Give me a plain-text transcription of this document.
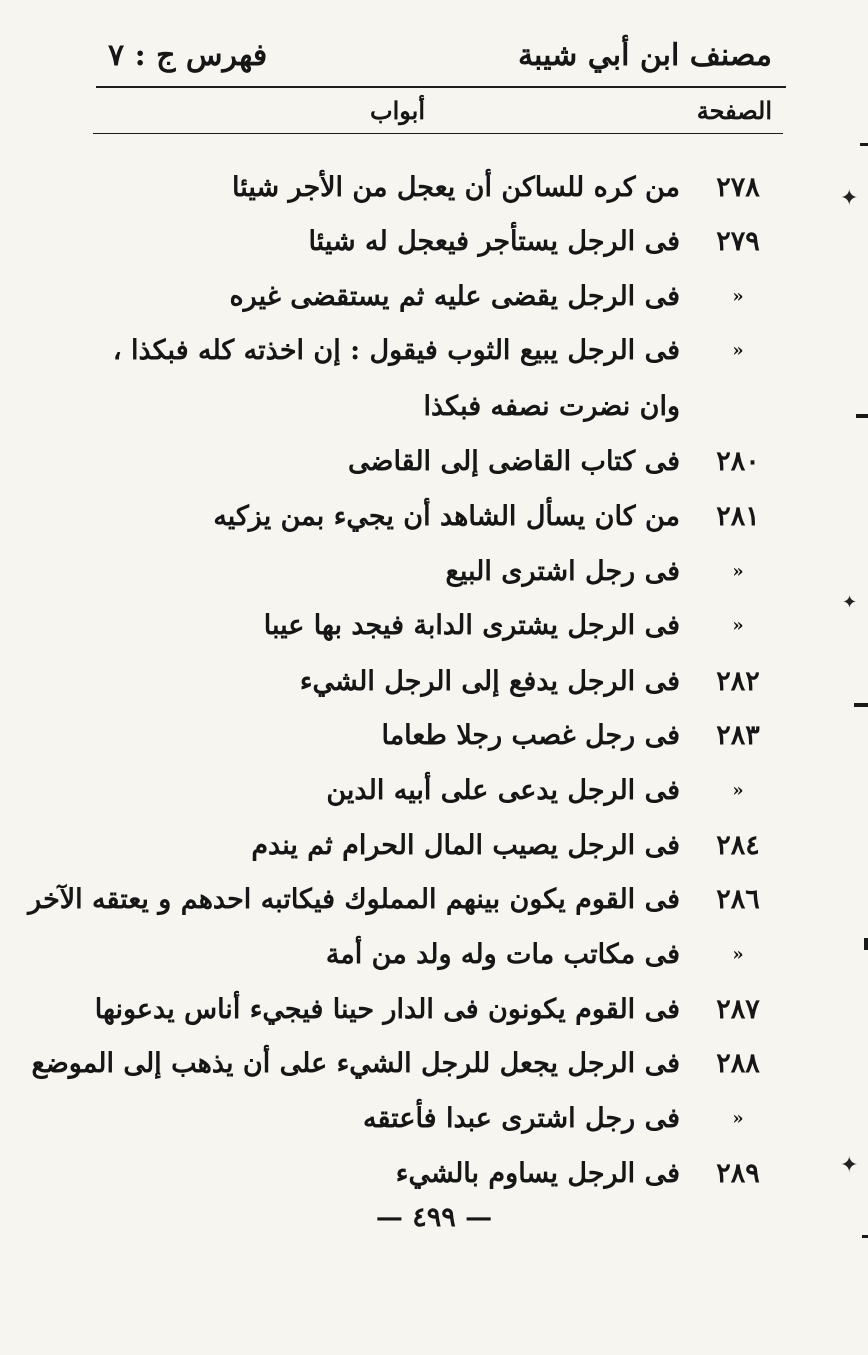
مصنف ابن أبي شيبة
فهرس ج : ٧
الصفحة
أبواب
٢٧٨
من كره للساكن أن يعجل من الأجر شيئا
٢٧٩
فى الرجل يستأجر فيعجل له شيئا
«
فى الرجل يقضى عليه ثم يستقضى غيره
«
فى الرجل يبيع الثوب فيقول : إن اخذته كله فبكذا ، وان نضرت نصفه فبكذا
٢٨٠
فى كتاب القاضى إلى القاضى
٢٨١
من كان يسأل الشاهد أن يجيء بمن يزكيه
«
فى رجل اشترى البيع
«
فى الرجل يشترى الدابة فيجد بها عيبا
٢٨٢
فى الرجل يدفع إلى الرجل الشيء
٢٨٣
فى رجل غصب رجلا طعاما
«
فى الرجل يدعى على أبيه الدين
٢٨٤
فى الرجل يصيب المال الحرام ثم يندم
٢٨٦
فى القوم يكون بينهم المملوك فيكاتبه احدهم و يعتقه الآخر
«
فى مكاتب مات وله ولد من أمة
٢٨٧
فى القوم يكونون فى الدار حينا فيجيء أناس يدعونها
٢٨٨
فى الرجل يجعل للرجل الشيء على أن يذهب إلى الموضع
«
فى رجل اشترى عبدا فأعتقه
٢٨٩
فى الرجل يساوم بالشيء
— ٤٩٩ —
✦
✦
✦
